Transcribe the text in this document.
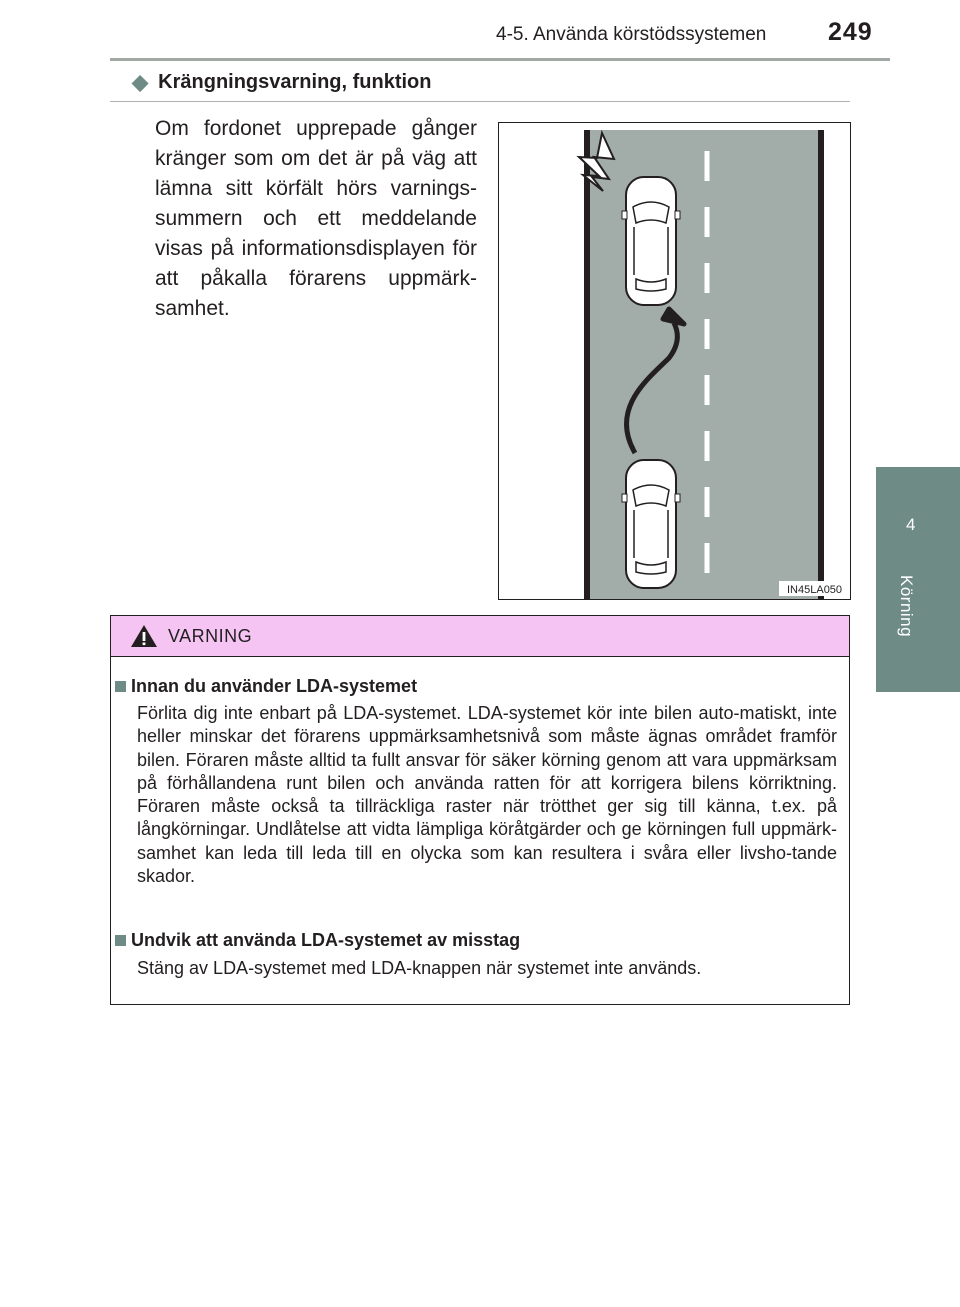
4-5. Använda körstödssystemen 249
4
Körning
◆ Krängningsvarning, funktion
Om fordonet upprepade gånger kränger som om det är på väg att lämna sitt körfält hörs varnings-summern och ett meddelande visas på informationsdisplayen för att påkalla förarens uppmärk-samhet.
IN45LA050
VARNING
Innan du använder LDA-systemet
Förlita dig inte enbart på LDA-systemet. LDA-systemet kör inte bilen auto-matiskt, inte heller minskar det förarens uppmärksamhetsnivå som måste ägnas området framför bilen. Föraren måste alltid ta fullt ansvar för säker körning genom att vara uppmärksam på förhållandena runt bilen och använda ratten för att korrigera bilens körriktning. Föraren måste också ta tillräckliga raster när trötthet ger sig till känna, t.ex. på långkörningar. Undlåtelse att vidta lämpliga köråtgärder och ge körningen full uppmärk-samhet kan leda till leda till en olycka som kan resultera i svåra eller livsho-tande skador.
Undvik att använda LDA-systemet av misstag
Stäng av LDA-systemet med LDA-knappen när systemet inte används.
